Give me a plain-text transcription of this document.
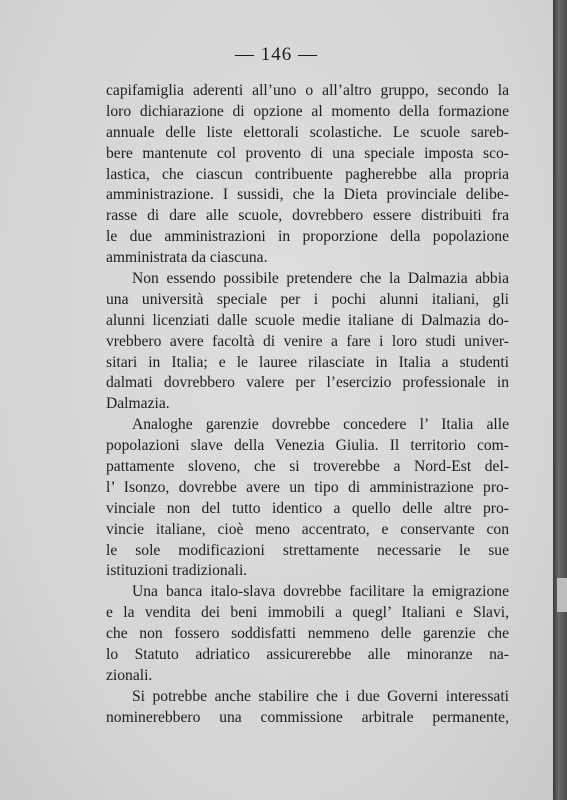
— 146 —
capifamiglia aderenti all’uno o all’altro gruppo, secondo la
loro dichiarazione di opzione al momento della formazione
annuale delle liste elettorali scolastiche. Le scuole sareb-
bere mantenute col provento di una speciale imposta sco-
lastica, che ciascun contribuente pagherebbe alla propria
amministrazione. I sussidi, che la Dieta provinciale delibe-
rasse di dare alle scuole, dovrebbero essere distribuiti fra
le due amministrazioni in proporzione della popolazione
amministrata da ciascuna.
Non essendo possibile pretendere che la Dalmazia abbia
una università speciale per i pochi alunni italiani, gli
alunni licenziati dalle scuole medie italiane di Dalmazia do-
vrebbero avere facoltà di venire a fare i loro studi univer-
sitari in Italia; e le lauree rilasciate in Italia a studenti
dalmati dovrebbero valere per l’esercizio professionale in
Dalmazia.
Analoghe garenzie dovrebbe concedere l’ Italia alle
popolazioni slave della Venezia Giulia. Il territorio com-
pattamente sloveno, che si troverebbe a Nord-Est del-
l’ Isonzo, dovrebbe avere un tipo di amministrazione pro-
vinciale non del tutto identico a quello delle altre pro-
vincie italiane, cioè meno accentrato, e conservante con
le sole modificazioni strettamente necessarie le sue
istituzioni tradizionali.
Una banca italo-slava dovrebbe facilitare la emigrazione
e la vendita dei beni immobili a quegl’ Italiani e Slavi,
che non fossero soddisfatti nemmeno delle garenzie che
lo Statuto adriatico assicurerebbe alle minoranze na-
zionali.
Si potrebbe anche stabilire che i due Governi interessati
nominerebbero una commissione arbitrale permanente,
